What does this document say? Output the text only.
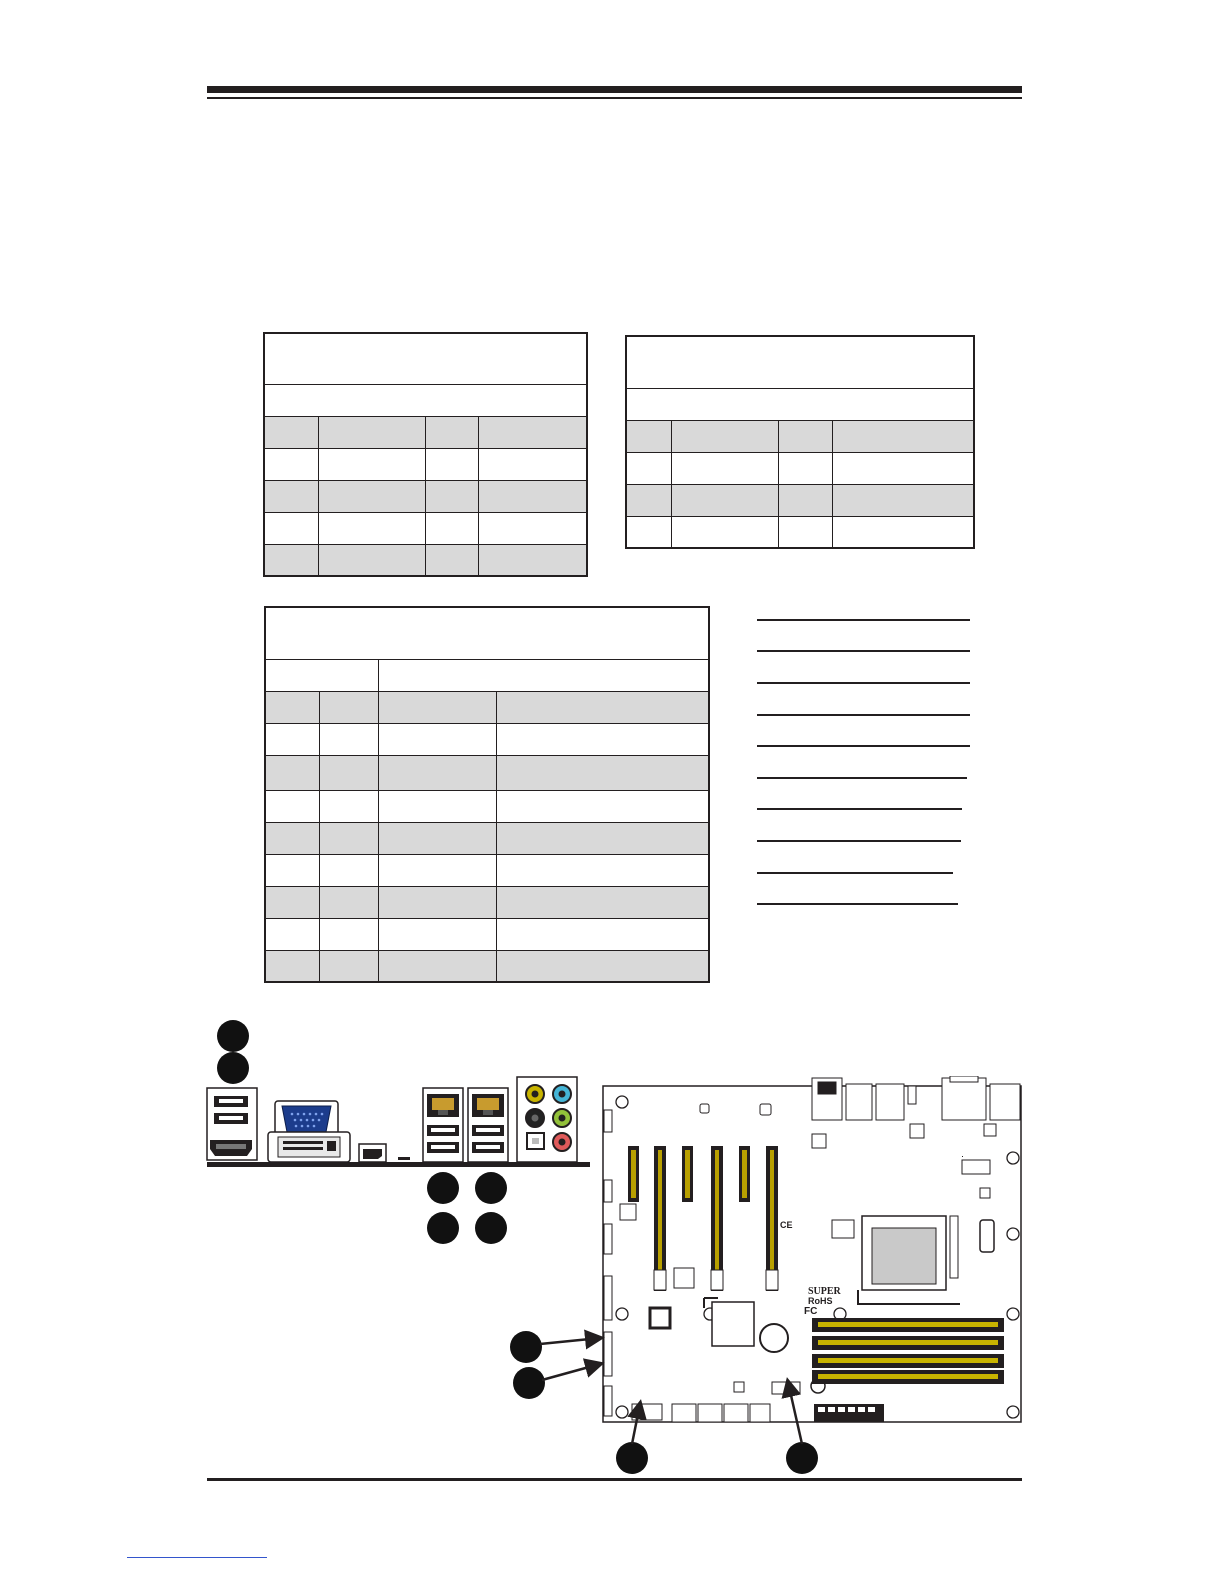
SUPER
RoHS
FC
CE
